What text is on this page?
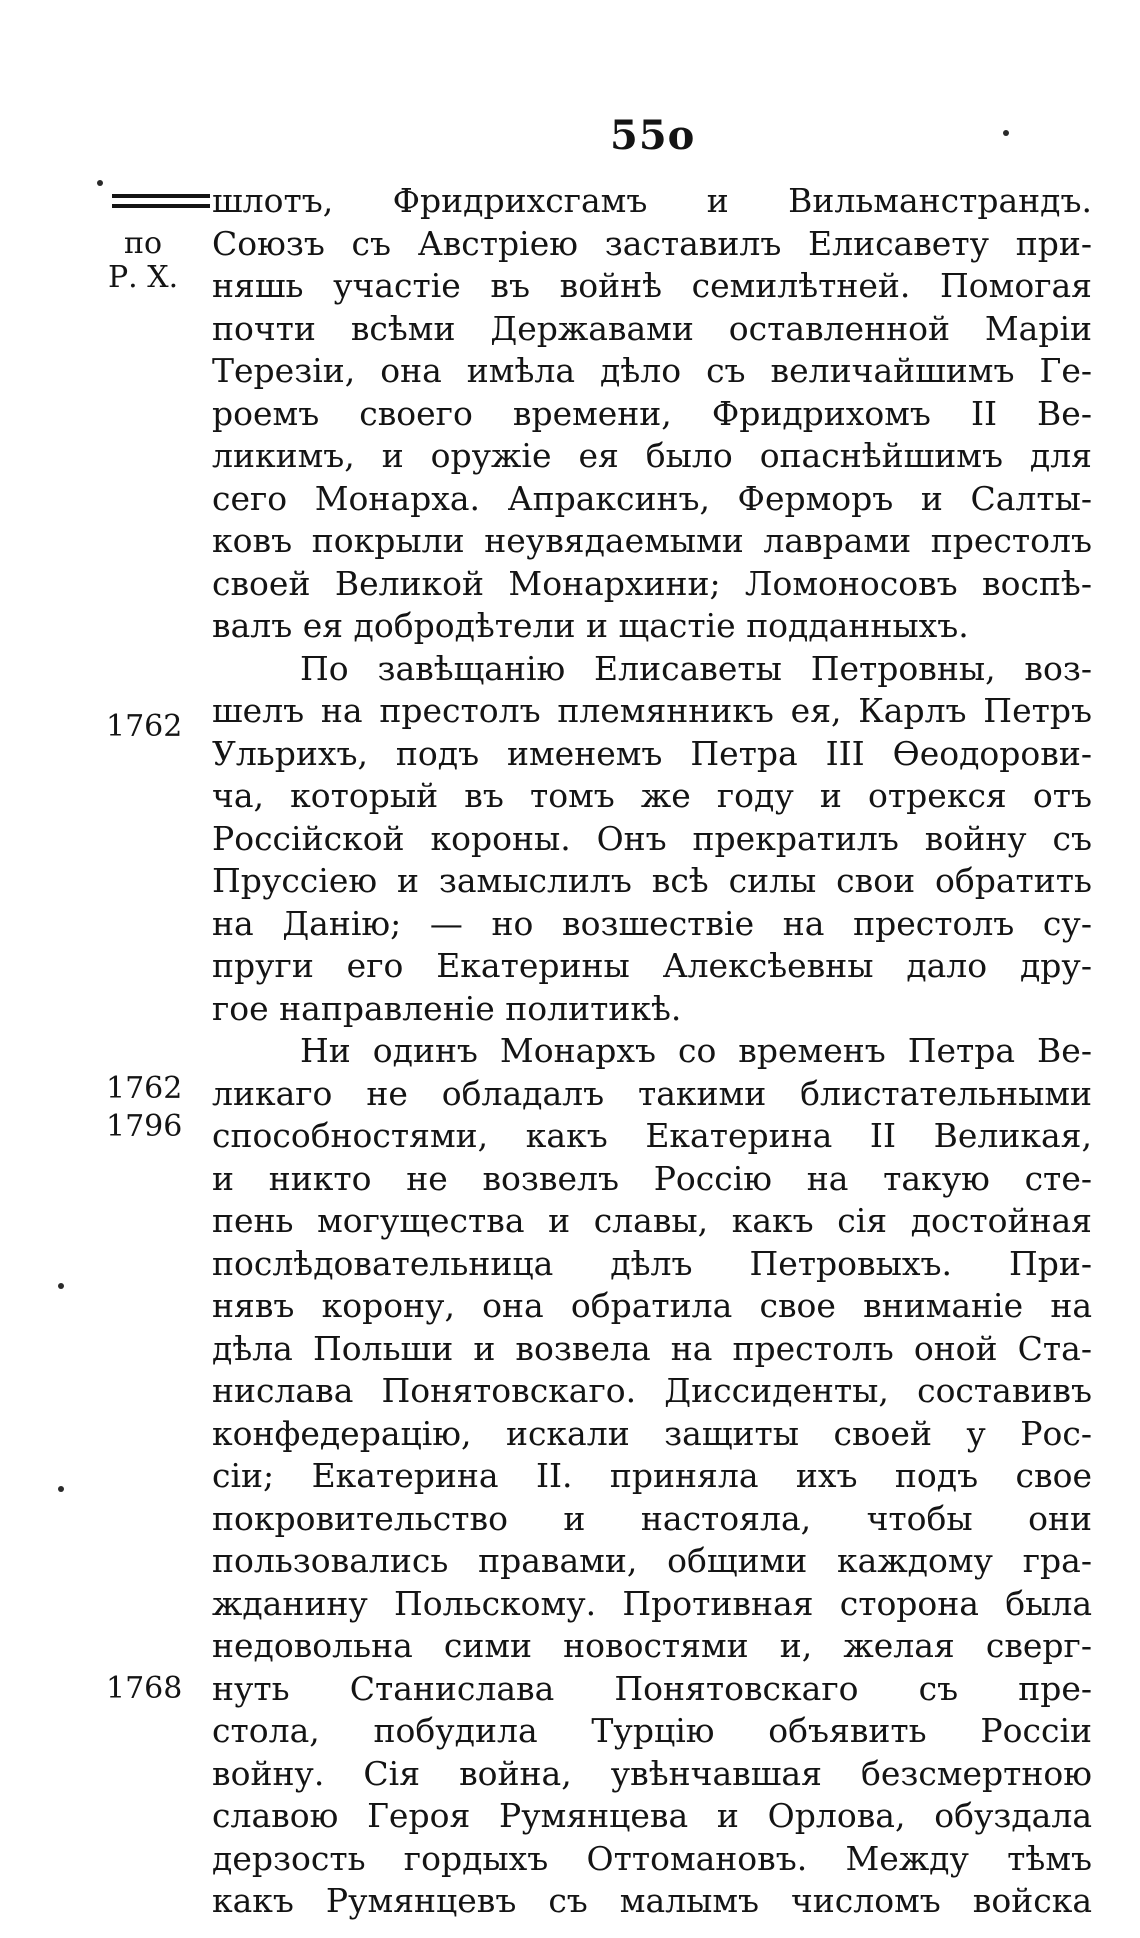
55о
по
Р. Х.
1762
1762
1796
1768
шлотъ, Фридрихсгамъ и Вильманстрандъ.
Союзъ съ Австріею заставилъ Елисавету при-
няшь участіе въ войнѣ семилѣтней. Помогая
почти всѣми Державами оставленной Маріи
Терезіи, она имѣла дѣло съ величайшимъ Ге-
роемъ своего времени, Фридрихомъ II Ве-
ликимъ, и оружіе ея было опаснѣйшимъ для
сего Монарха. Апраксинъ, Ферморъ и Салты-
ковъ покрыли неувядаемыми лаврами престолъ
своей Великой Монархини; Ломоносовъ воспѣ-
валъ ея добродѣтели и щастіе подданныхъ.
По завѣщанію Елисаветы Петровны, воз-
шелъ на престолъ племянникъ ея, Карлъ Петръ
Ульрихъ, подъ именемъ Петра III Ѳеодорови-
ча, который въ томъ же году и отрекся отъ
Россійской короны. Онъ прекратилъ войну съ
Пруссіею и замыслилъ всѣ силы свои обратить
на Данію; — но возшествіе на престолъ су-
пруги его Екатерины Алексѣевны дало дру-
гое направленіе политикѣ.
Ни одинъ Монархъ со временъ Петра Ве-
ликаго не обладалъ такими блистательными
способностями, какъ Екатерина II Великая,
и никто не возвелъ Россію на такую сте-
пень могущества и славы, какъ сія достойная
послѣдовательница дѣлъ Петровыхъ. При-
нявъ корону, она обратила свое вниманіе на
дѣла Польши и возвела на престолъ оной Ста-
нислава Понятовскаго. Диссиденты, составивъ
конфедерацію, искали защиты своей у Рос-
сіи; Екатерина II. приняла ихъ подъ свое
покровительство и настояла, чтобы они
пользовались правами, общими каждому гра-
жданину Польскому. Противная сторона была
недовольна сими новостями и, желая сверг-
нуть Станислава Понятовскаго съ пре-
стола, побудила Турцію объявить Россіи
войну. Сія война, увѣнчавшая безсмертною
славою Героя Румянцева и Орлова, обуздала
дерзость гордыхъ Оттомановъ. Между тѣмъ
какъ Румянцевъ съ малымъ числомъ войска
